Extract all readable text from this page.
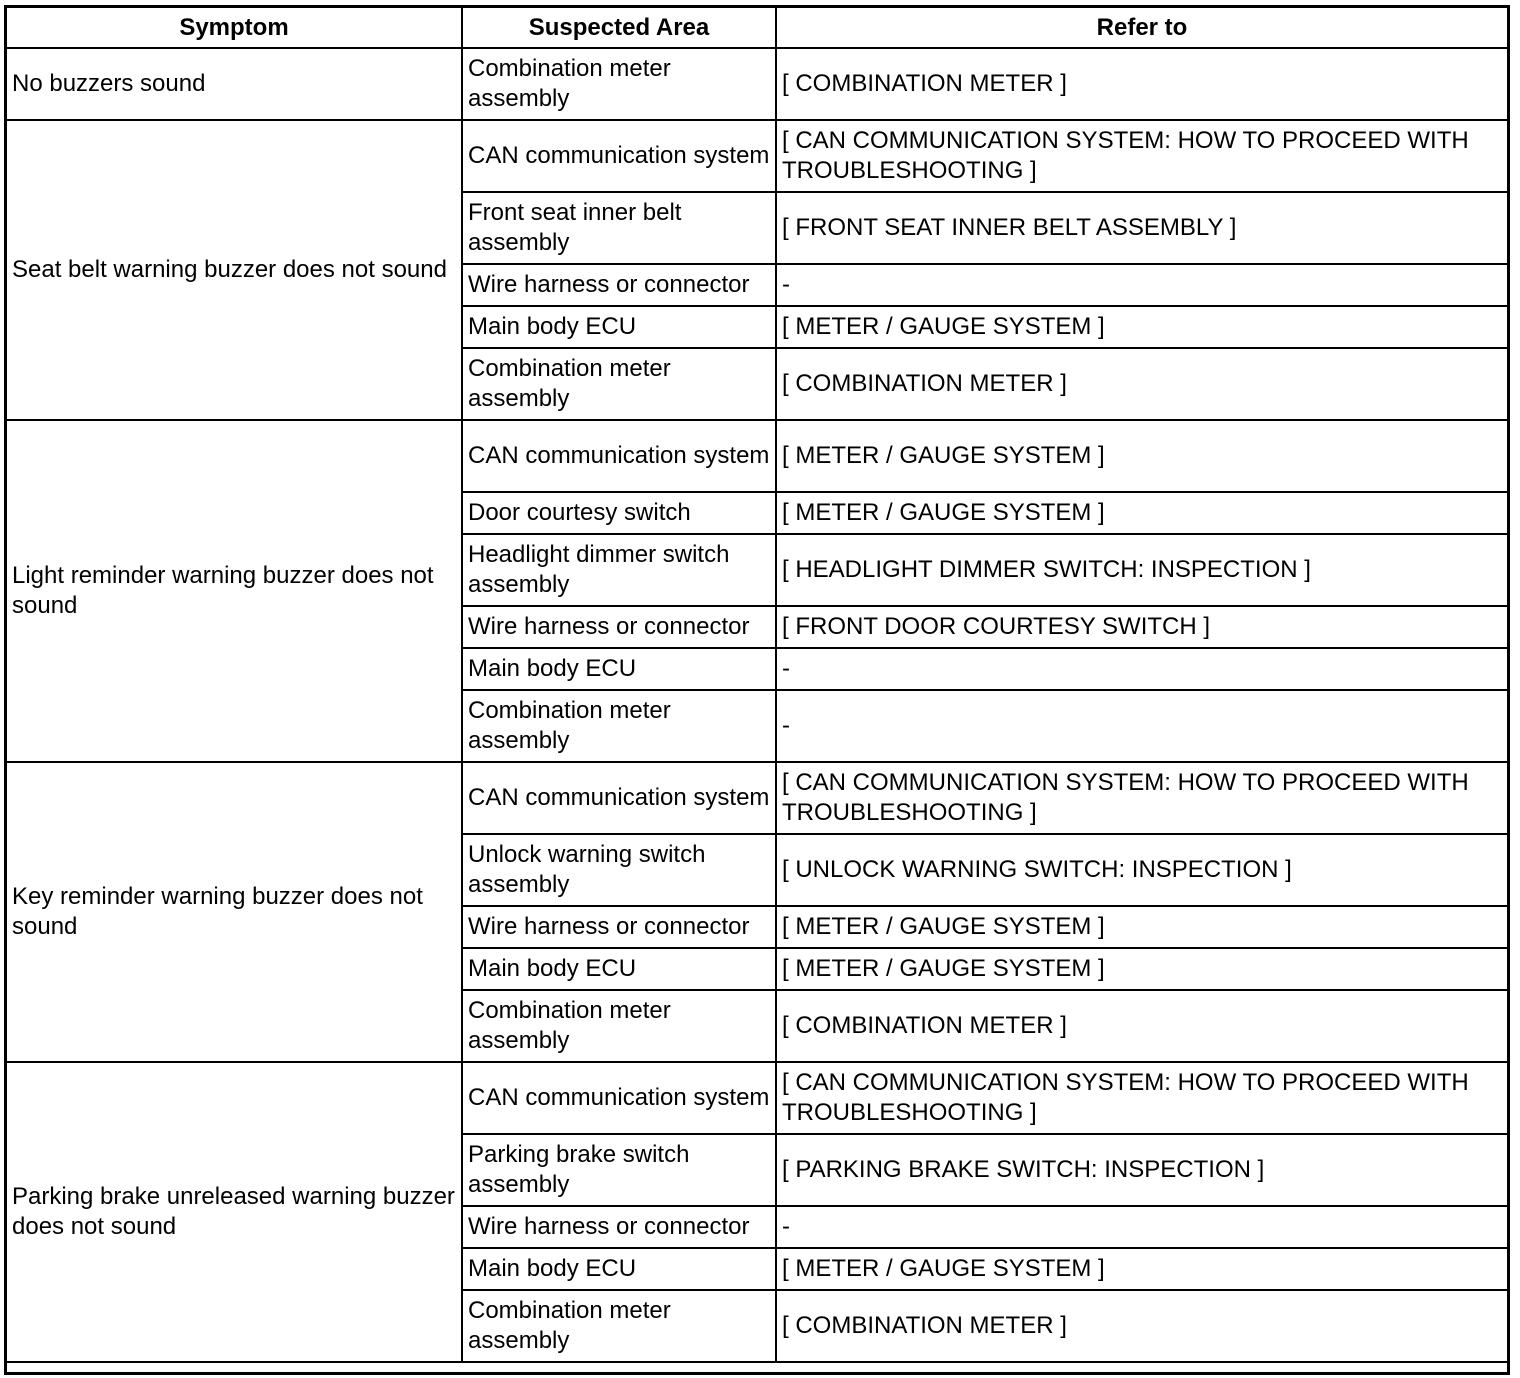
Symptom	Suspected Area	Refer to
No buzzers sound	Combination meter assembly	[ COMBINATION METER ]
Seat belt warning buzzer does not sound	CAN communication system	[ CAN COMMUNICATION SYSTEM: HOW TO PROCEED WITH TROUBLESHOOTING ]
	Front seat inner belt assembly	[ FRONT SEAT INNER BELT ASSEMBLY ]
	Wire harness or connector	-
	Main body ECU	[ METER / GAUGE SYSTEM ]
	Combination meter assembly	[ COMBINATION METER ]
Light reminder warning buzzer does not sound	CAN communication system	[ METER / GAUGE SYSTEM ]
	Door courtesy switch	[ METER / GAUGE SYSTEM ]
	Headlight dimmer switch assembly	[ HEADLIGHT DIMMER SWITCH: INSPECTION ]
	Wire harness or connector	[ FRONT DOOR COURTESY SWITCH ]
	Main body ECU	-
	Combination meter assembly	-
Key reminder warning buzzer does not sound	CAN communication system	[ CAN COMMUNICATION SYSTEM: HOW TO PROCEED WITH TROUBLESHOOTING ]
	Unlock warning switch assembly	[ UNLOCK WARNING SWITCH: INSPECTION ]
	Wire harness or connector	[ METER / GAUGE SYSTEM ]
	Main body ECU	[ METER / GAUGE SYSTEM ]
	Combination meter assembly	[ COMBINATION METER ]
Parking brake unreleased warning buzzer does not sound	CAN communication system	[ CAN COMMUNICATION SYSTEM: HOW TO PROCEED WITH TROUBLESHOOTING ]
	Parking brake switch assembly	[ PARKING BRAKE SWITCH: INSPECTION ]
	Wire harness or connector	-
	Main body ECU	[ METER / GAUGE SYSTEM ]
	Combination meter assembly	[ COMBINATION METER ]
